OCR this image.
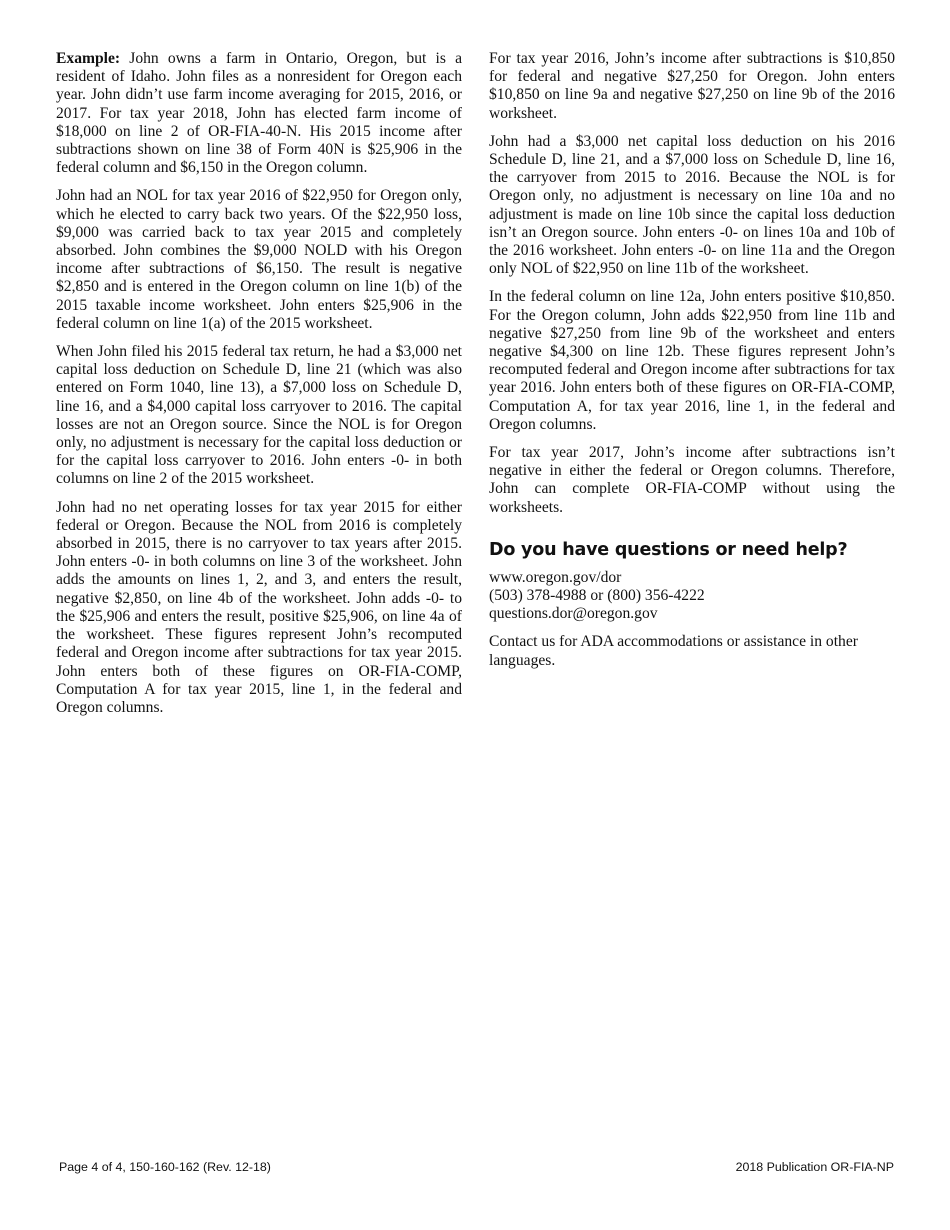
Example: John owns a farm in Ontario, Oregon, but is a resident of Idaho. John files as a nonresident for Oregon each year. John didn’t use farm income averaging for 2015, 2016, or 2017. For tax year 2018, John has elected farm income of $18,000 on line 2 of OR-FIA-40-N. His 2015 income after subtractions shown on line 38 of Form 40N is $25,906 in the federal column and $6,150 in the Oregon column.

John had an NOL for tax year 2016 of $22,950 for Oregon only, which he elected to carry back two years. Of the $22,950 loss, $9,000 was carried back to tax year 2015 and completely absorbed. John combines the $9,000 NOLD with his Oregon income after subtractions of $6,150. The result is negative $2,850 and is entered in the Oregon column on line 1(b) of the 2015 taxable income worksheet. John enters $25,906 in the federal column on line 1(a) of the 2015 worksheet.

When John filed his 2015 federal tax return, he had a $3,000 net capital loss deduction on Schedule D, line 21 (which was also entered on Form 1040, line 13), a $7,000 loss on Schedule D, line 16, and a $4,000 capital loss carryover to 2016. The capital losses are not an Oregon source. Since the NOL is for Oregon only, no adjustment is necessary for the capital loss deduction or for the capital loss carryover to 2016. John enters -0- in both columns on line 2 of the 2015 worksheet.

John had no net operating losses for tax year 2015 for either federal or Oregon. Because the NOL from 2016 is completely absorbed in 2015, there is no carryover to tax years after 2015. John enters -0- in both columns on line 3 of the worksheet. John adds the amounts on lines 1, 2, and 3, and enters the result, negative $2,850, on line 4b of the worksheet. John adds -0- to the $25,906 and enters the result, positive $25,906, on line 4a of the worksheet. These figures represent John’s recomputed federal and Oregon income after subtractions for tax year 2015. John enters both of these figures on OR-FIA-COMP, Computation A for tax year 2015, line 1, in the federal and Oregon columns.

For tax year 2016, John’s income after subtractions is $10,850 for federal and negative $27,250 for Oregon. John enters $10,850 on line 9a and negative $27,250 on line 9b of the 2016 worksheet.

John had a $3,000 net capital loss deduction on his 2016 Schedule D, line 21, and a $7,000 loss on Schedule D, line 16, the carryover from 2015 to 2016. Because the NOL is for Oregon only, no adjustment is necessary on line 10a and no adjustment is made on line 10b since the capital loss deduction isn’t an Oregon source. John enters -0- on lines 10a and 10b of the 2016 worksheet. John enters -0- on line 11a and the Oregon only NOL of $22,950 on line 11b of the worksheet.

In the federal column on line 12a, John enters positive $10,850. For the Oregon column, John adds $22,950 from line 11b and negative $27,250 from line 9b of the worksheet and enters negative $4,300 on line 12b. These figures represent John’s recomputed federal and Oregon income after subtractions for tax year 2016. John enters both of these figures on OR-FIA-COMP, Computation A, for tax year 2016, line 1, in the federal and Oregon columns.

For tax year 2017, John’s income after subtractions isn’t negative in either the federal or Oregon columns. Therefore, John can complete OR-FIA-COMP without using the worksheets.

Do you have questions or need help?

www.oregon.gov/dor

(503) 378-4988 or (800) 356-4222

questions.dor@oregon.gov

Contact us for ADA accommodations or assistance in other languages.

Page 4 of 4, 150-160-162 (Rev. 12-18)	2018 Publication OR-FIA-NP
